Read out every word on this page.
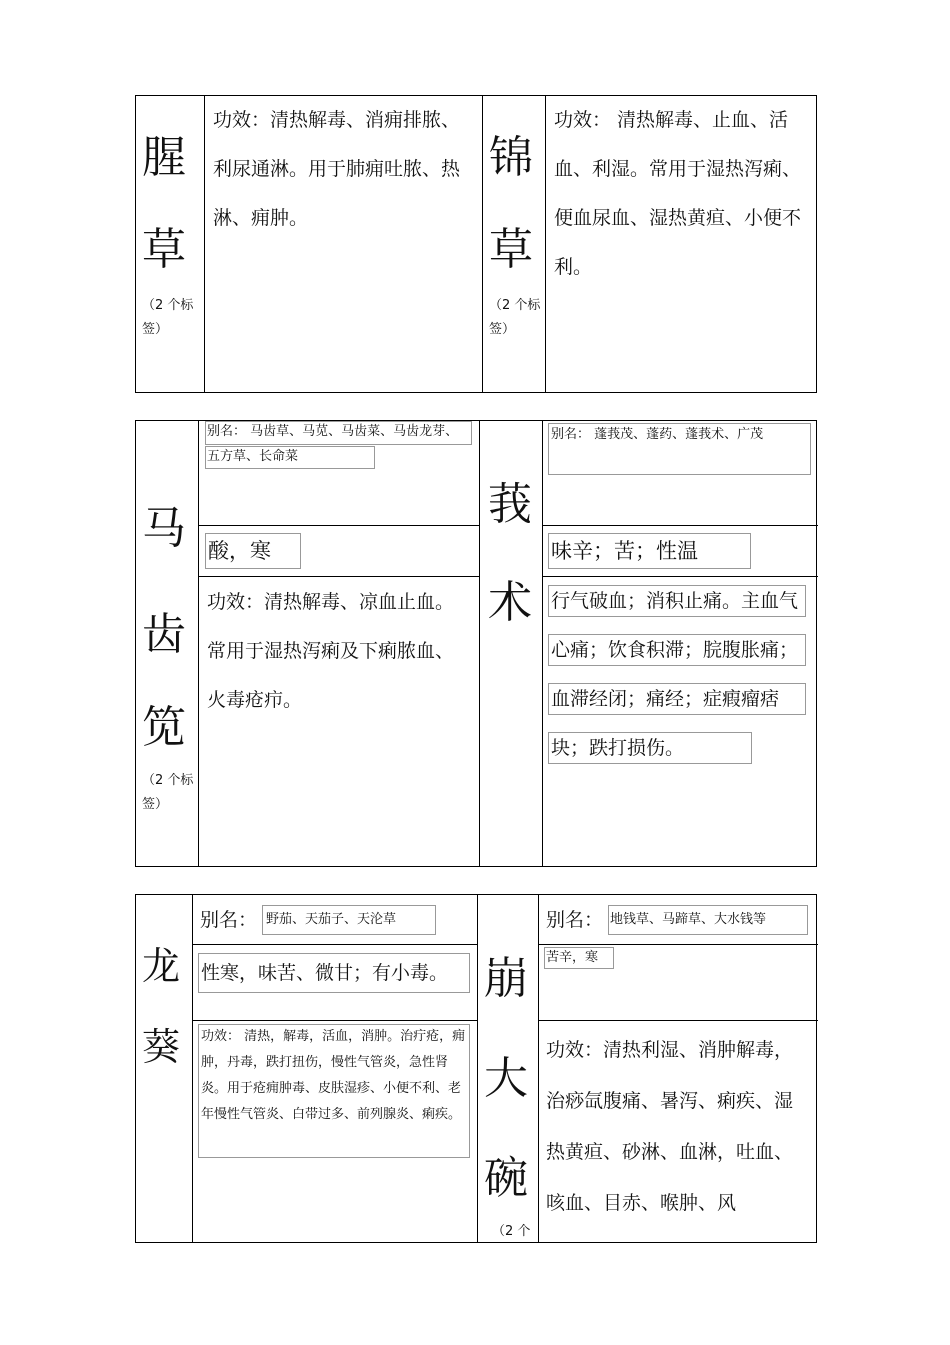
腥
草
（2 个标签）
功效：清热解毒、消痈排脓、利尿通淋。用于肺痈吐脓、热淋、痈肿。
锦
草
（2 个标签）
功效： 清热解毒、止血、活血、利湿。常用于湿热泻痢、便血尿血、湿热黄疸、小便不利。
马
齿
笕
（2 个标签）
别名： 马齿草、马苋、马齿菜、马齿龙芽、五方草、长命菜
酸，寒
功效：清热解毒、凉血止血。常用于湿热泻痢及下痢脓血、火毒疮疖。
莪
术
别名： 蓬莪茂、蓬药、蓬莪术、广茂
味辛；苦；性温
行气破血；消积止痛。主血气心痛；饮食积滞；脘腹胀痛；血滞经闭；痛经；症瘕瘤痞块；跌打损伤。
龙
葵
别名： 野茄、天茄子、天沦草
性寒，味苦、微甘；有小毒。
功效： 清热，解毒，活血，消肿。治疔疮，痈肿，丹毒，跌打扭伤，慢性气管炎，急性肾炎。用于疮痈肿毒、皮肤湿疹、小便不利、老年慢性气管炎、白带过多、前列腺炎、痢疾。
崩
大
碗
（2 个
别名： 地钱草、马蹄草、大水钱等
苦辛，寒
功效：清热利湿、消肿解毒，治痧氙腹痛、暑泻、痢疾、湿热黄疸、砂淋、血淋，吐血、咳血、目赤、喉肿、风
